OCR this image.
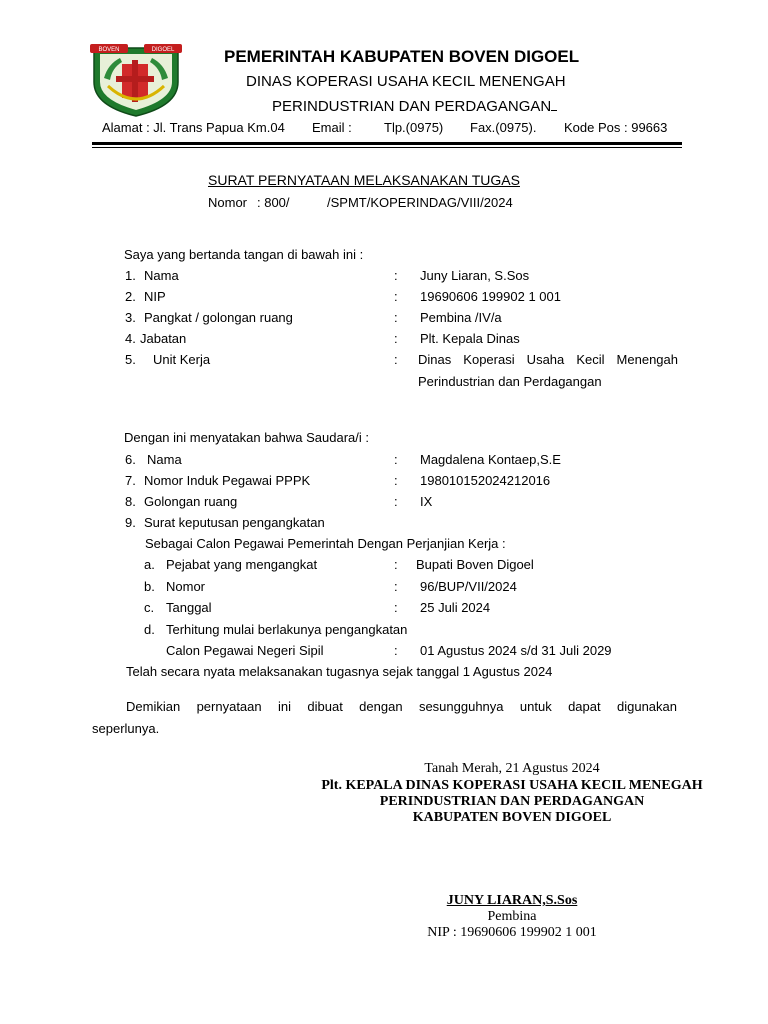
BOVEN	DIGOEL	PEMERINTAH KABUPATEN BOVEN DIGOEL
DINAS KOPERASI USAHA KECIL MENENGAH
PERINDUSTRIAN DAN PERDAGANGAN
Alamat : Jl. Trans Papua Km.04 Email : Tlp.(0975) Fax.(0975). Kode Pos : 99663
SURAT PERNYATAAN MELAKSANAKAN TUGAS
Nomor : 800/	/SPMT/KOPERINDAG/VIII/2024
Saya yang bertanda tangan di bawah ini :
1. Nama	: Juny Liaran, S.Sos
2. NIP	: 19690606 199902 1 001
3. Pangkat / golongan ruang	: Pembina /IV/a
4. Jabatan	: Plt. Kepala Dinas
5. Unit Kerja	: Dinas Koperasi Usaha Kecil Menengah
Perindustrian dan Perdagangan
Dengan ini menyatakan bahwa Saudara/i :
6. Nama	: Magdalena Kontaep,S.E
7. Nomor Induk Pegawai PPPK	: 198010152024212016
8. Golongan ruang	: IX
9. Surat keputusan pengangkatan
Sebagai Calon Pegawai Pemerintah Dengan Perjanjian Kerja :
a. Pejabat yang mengangkat	: Bupati Boven Digoel
b. Nomor	: 96/BUP/VII/2024
c. Tanggal	: 25 Juli 2024
d. Terhitung mulai berlakunya pengangkatan
Calon Pegawai Negeri Sipil	: 01 Agustus 2024 s/d 31 Juli 2029
Telah secara nyata melaksanakan tugasnya sejak tanggal 1 Agustus 2024
Demikian pernyataan ini dibuat dengan sesungguhnya untuk dapat digunakan
seperlunya.
Tanah Merah, 21 Agustus 2024
Plt. KEPALA DINAS KOPERASI USAHA KECIL MENEGAH
PERINDUSTRIAN DAN PERDAGANGAN
KABUPATEN BOVEN DIGOEL
JUNY LIARAN,S.Sos
Pembina
NIP : 19690606 199902 1 001
